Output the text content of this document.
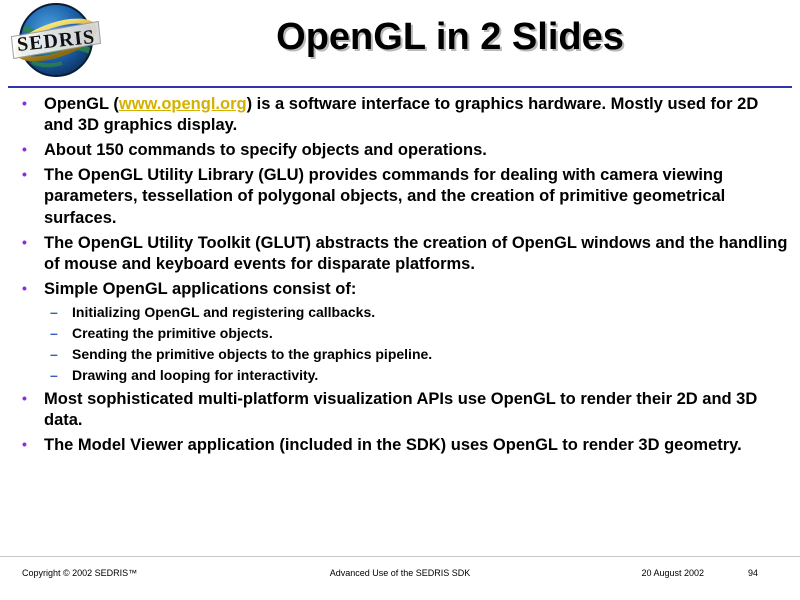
SEDRIS	OpenGL in 2 Slides
• OpenGL (www.opengl.org) is a software interface to graphics hardware. Mostly used for 2D and 3D graphics display.
• About 150 commands to specify objects and operations.
• The OpenGL Utility Library (GLU) provides commands for dealing with camera viewing parameters, tessellation of polygonal objects, and the creation of primitive geometrical surfaces.
• The OpenGL Utility Toolkit (GLUT) abstracts the creation of OpenGL windows and the handling of mouse and keyboard events for disparate platforms.
• Simple OpenGL applications consist of:
– Initializing OpenGL and registering callbacks.
– Creating the primitive objects.
– Sending the primitive objects to the graphics pipeline.
– Drawing and looping for interactivity.
• Most sophisticated multi-platform visualization APIs use OpenGL to render their 2D and 3D data.
• The Model Viewer application (included in the SDK) uses OpenGL to render 3D geometry.
Copyright © 2002 SEDRIS™	Advanced Use of the SEDRIS SDK	20 August 2002	94
